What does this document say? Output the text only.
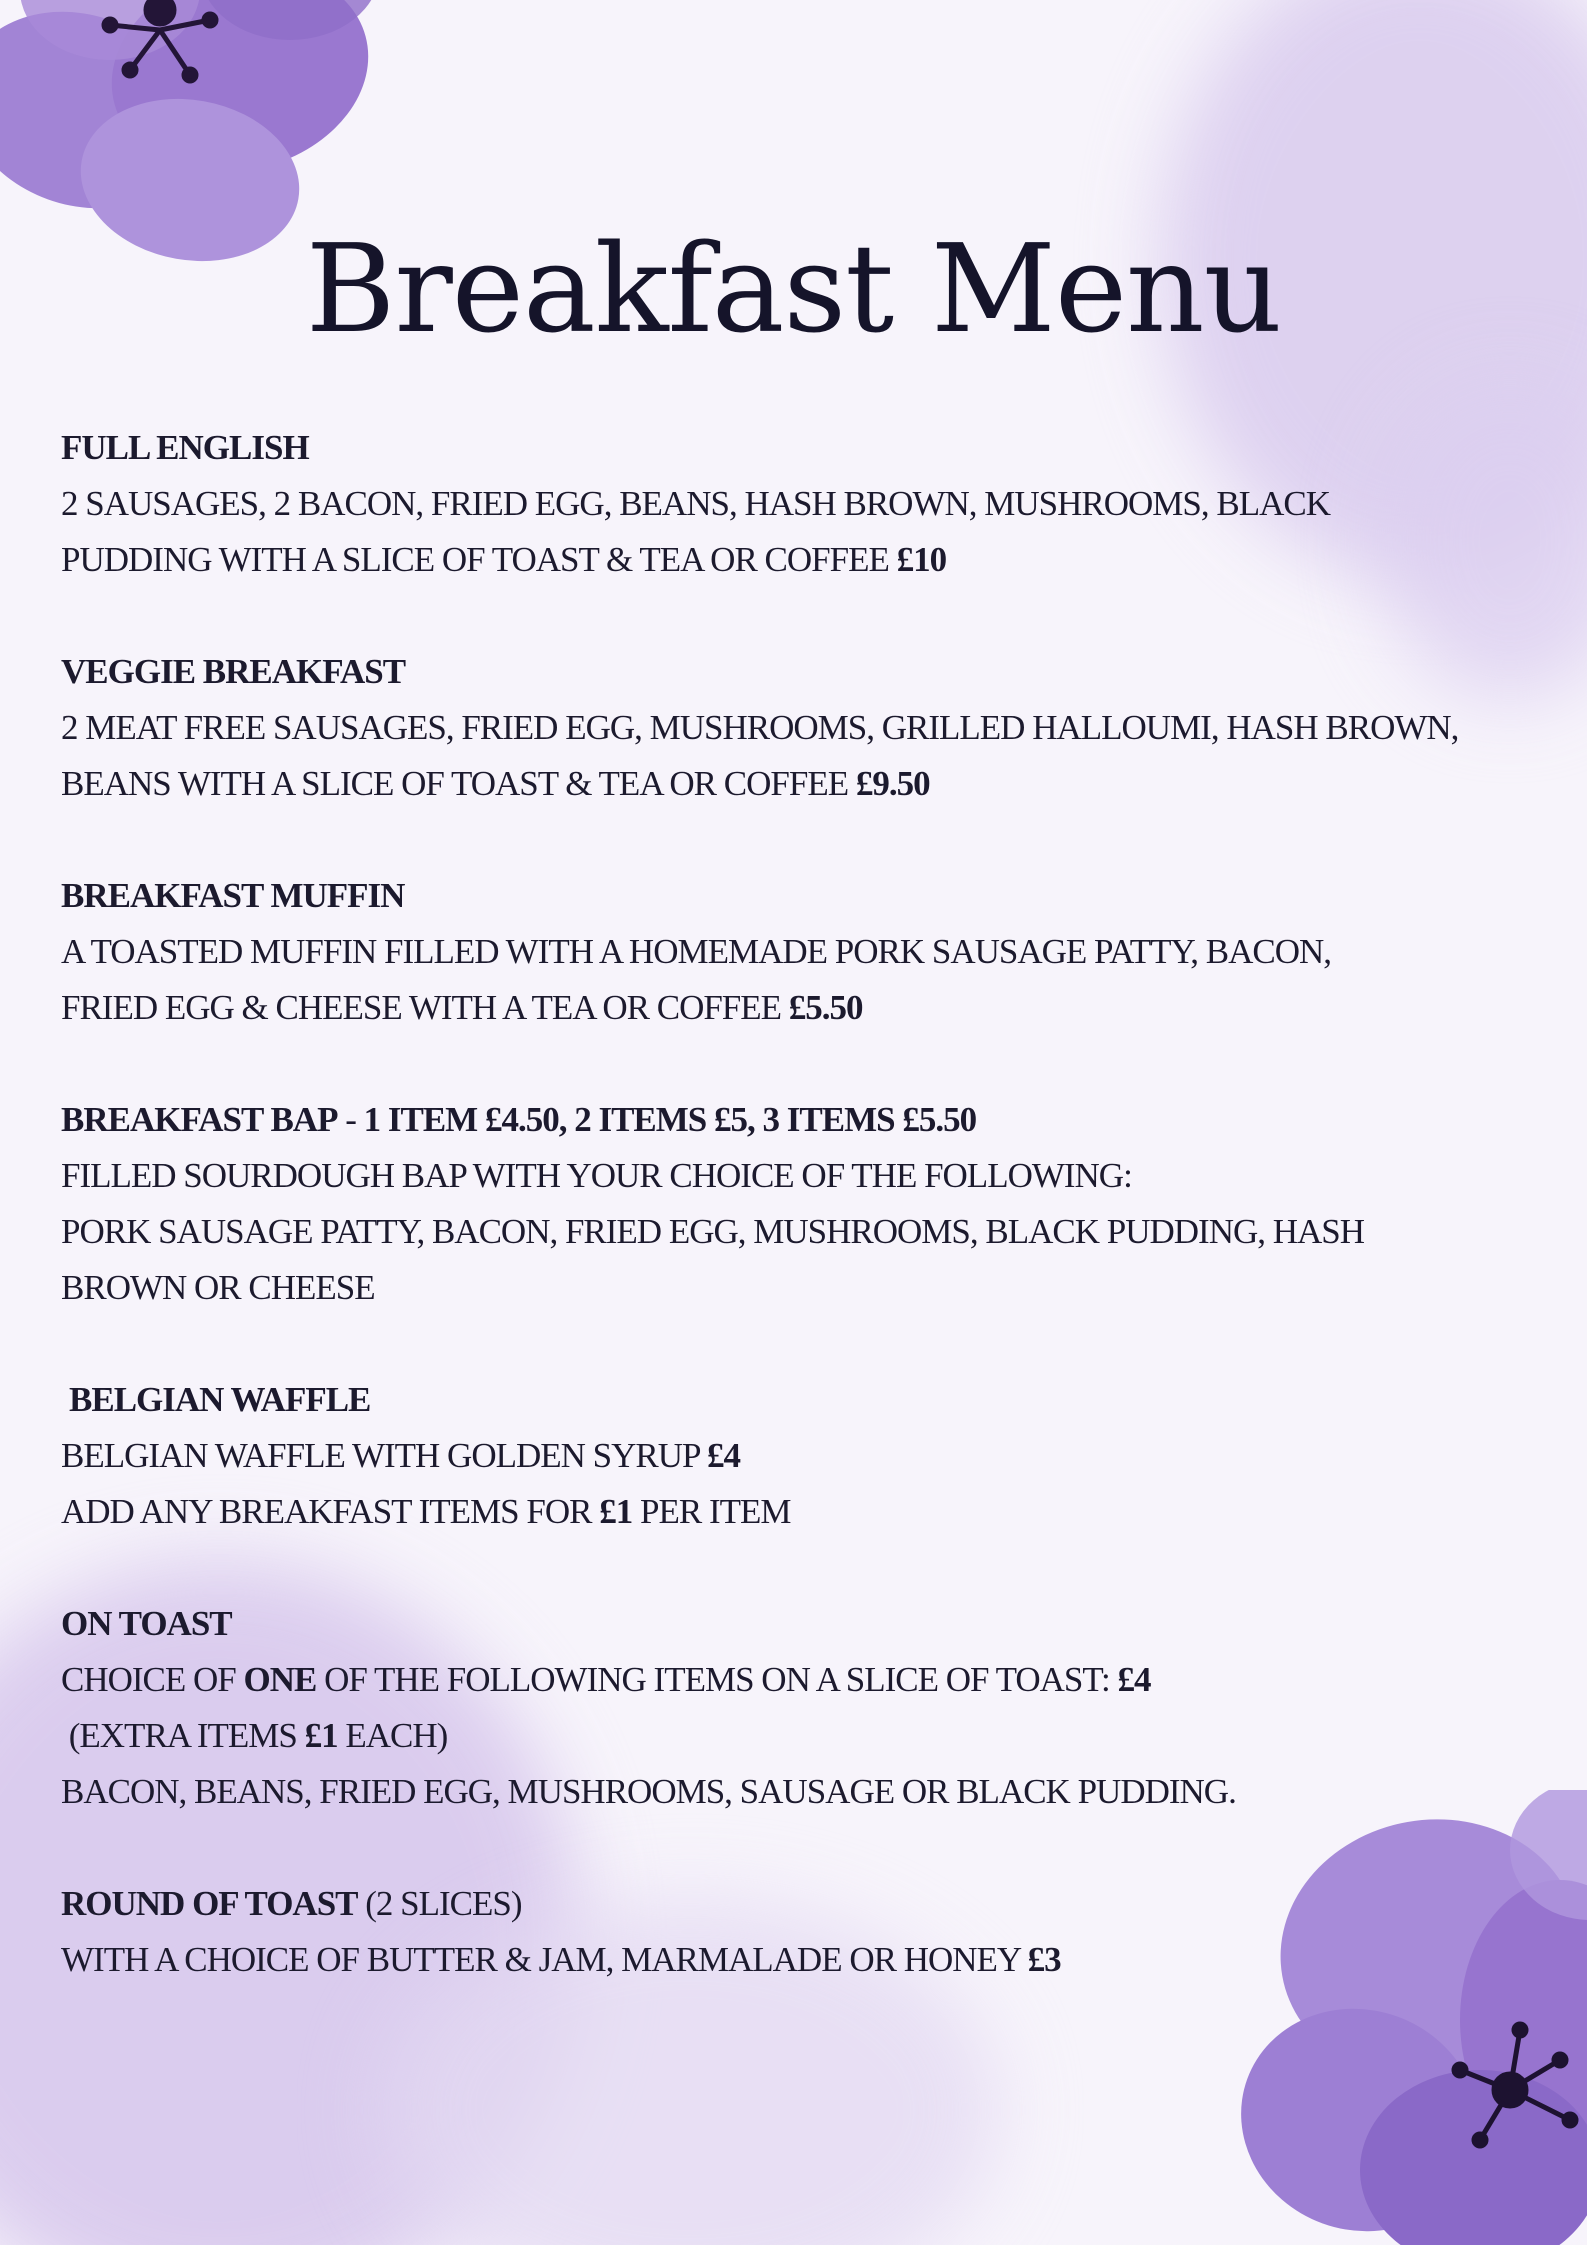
Breakfast Menu
FULL ENGLISH
2 SAUSAGES, 2 BACON, FRIED EGG, BEANS, HASH BROWN, MUSHROOMS, BLACK
PUDDING WITH A SLICE OF TOAST & TEA OR COFFEE £10
VEGGIE BREAKFAST
2 MEAT FREE SAUSAGES, FRIED EGG, MUSHROOMS, GRILLED HALLOUMI, HASH BROWN,
BEANS WITH A SLICE OF TOAST & TEA OR COFFEE £9.50
BREAKFAST MUFFIN
A TOASTED MUFFIN FILLED WITH A HOMEMADE PORK SAUSAGE PATTY, BACON,
FRIED EGG & CHEESE WITH A TEA OR COFFEE £5.50
BREAKFAST BAP - 1 ITEM £4.50, 2 ITEMS £5, 3 ITEMS £5.50
FILLED SOURDOUGH BAP WITH YOUR CHOICE OF THE FOLLOWING:
PORK SAUSAGE PATTY, BACON, FRIED EGG, MUSHROOMS, BLACK PUDDING, HASH
BROWN OR CHEESE
BELGIAN WAFFLE
BELGIAN WAFFLE WITH GOLDEN SYRUP £4
ADD ANY BREAKFAST ITEMS FOR £1 PER ITEM
ON TOAST
CHOICE OF ONE OF THE FOLLOWING ITEMS ON A SLICE OF TOAST: £4
(EXTRA ITEMS £1 EACH)
BACON, BEANS, FRIED EGG, MUSHROOMS, SAUSAGE OR BLACK PUDDING.
ROUND OF TOAST (2 SLICES)
WITH A CHOICE OF BUTTER & JAM, MARMALADE OR HONEY £3
